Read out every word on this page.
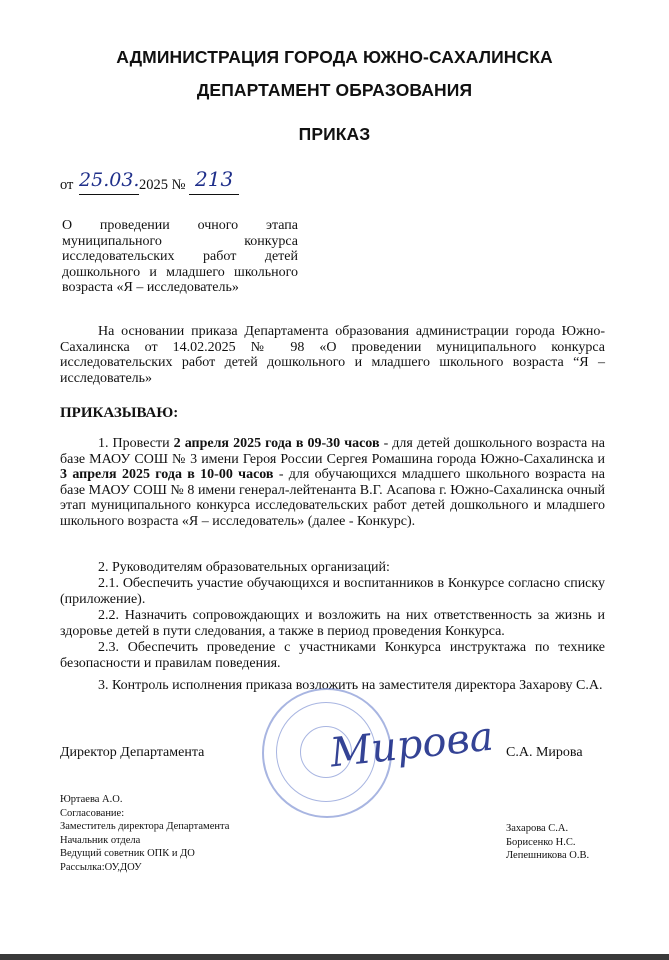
АДМИНИСТРАЦИЯ ГОРОДА ЮЖНО-САХАЛИНСКА
ДЕПАРТАМЕНТ ОБРАЗОВАНИЯ
ПРИКАЗ
от 25.03.2025 № 213
О проведении очного этапа муниципального конкурса исследовательских работ детей дошкольного и младшего школьного возраста «Я – исследователь»
На основании приказа Департамента образования администрации города Южно-Сахалинска от 14.02.2025 № 98 «О проведении муниципального конкурса исследовательских работ детей дошкольного и младшего школьного возраста “Я – исследователь»
ПРИКАЗЫВАЮ:
1. Провести 2 апреля 2025 года в 09-30 часов - для детей дошкольного возраста на базе МАОУ СОШ № 3 имени Героя России Сергея Ромашина города Южно-Сахалинска и 3 апреля 2025 года в 10-00 часов - для обучающихся младшего школьного возраста на базе МАОУ СОШ № 8 имени генерал-лейтенанта В.Г. Асапова г. Южно-Сахалинска очный этап муниципального конкурса исследовательских работ детей дошкольного и младшего школьного возраста «Я – исследователь» (далее - Конкурс).
2. Руководителям образовательных организаций:
2.1. Обеспечить участие обучающихся и воспитанников в Конкурсе согласно списку (приложение).
2.2. Назначить сопровождающих и возложить на них ответственность за жизнь и здоровье детей в пути следования, а также в период проведения Конкурса.
2.3. Обеспечить проведение с участниками Конкурса инструктажа по технике безопасности и правилам поведения.
3. Контроль исполнения приказа возложить на заместителя директора Захарову С.А.
Директор Департамента	Мирова С.А. Мирова
Юртаева А.О.
Согласование:
Заместитель директора Департамента
Начальник отдела
Ведущий советник ОПК и ДО
Рассылка:ОУ,ДОУ
Захарова С.А.
Борисенко Н.С.
Лепешникова О.В.
